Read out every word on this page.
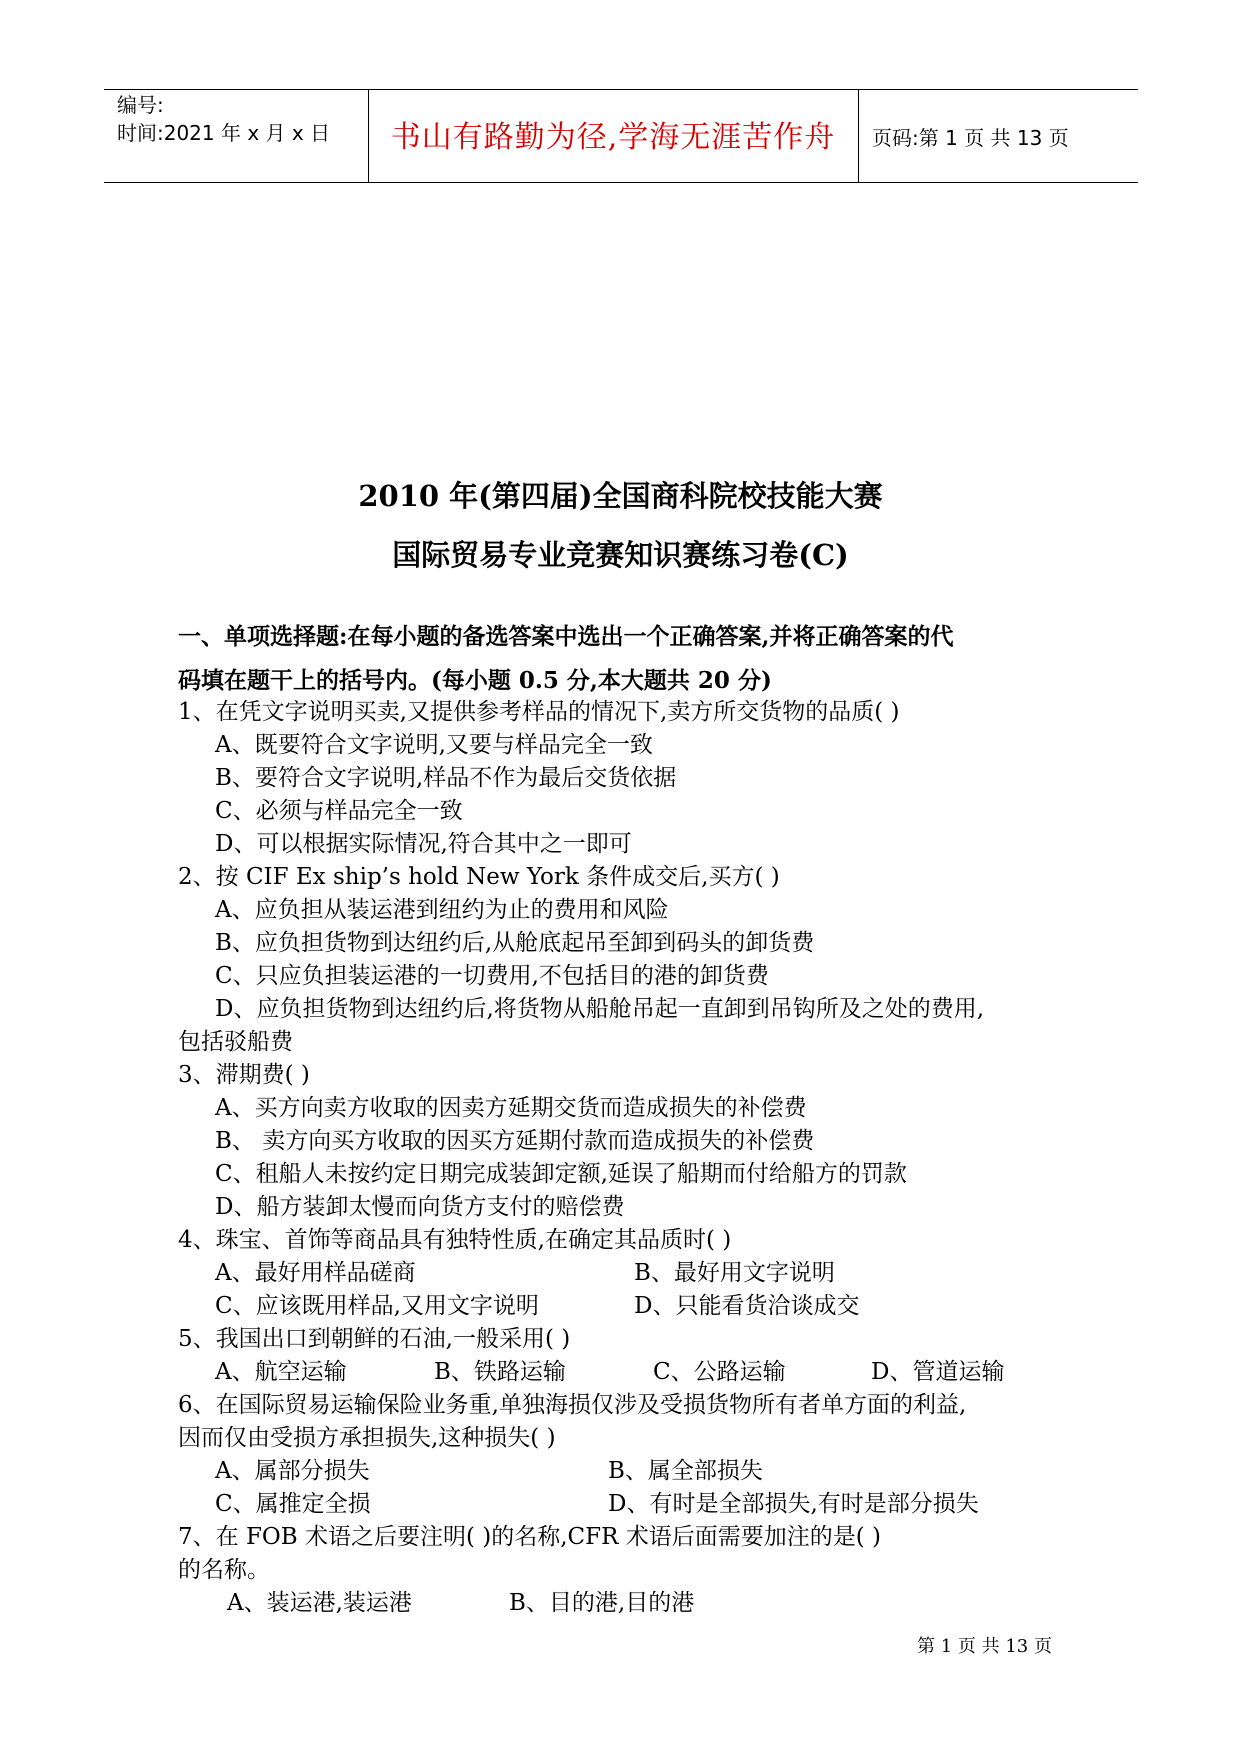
编号:
时间:2021 年 x 月 x 日	书山有路勤为径,学海无涯苦作舟	页码:第 1 页 共 13 页
2010 年(第四届)全国商科院校技能大赛
国际贸易专业竞赛知识赛练习卷(C)
一、单项选择题:在每小题的备选答案中选出一个正确答案,并将正确答案的代
码填在题干上的括号内。(每小题 0.5 分,本大题共 20 分)
1、在凭文字说明买卖,又提供参考样品的情况下,卖方所交货物的品质( )
A、既要符合文字说明,又要与样品完全一致
B、要符合文字说明,样品不作为最后交货依据
C、必须与样品完全一致
D、可以根据实际情况,符合其中之一即可
2、按 CIF Ex ship’s hold New York 条件成交后,买方( )
A、应负担从装运港到纽约为止的费用和风险
B、应负担货物到达纽约后,从舱底起吊至卸到码头的卸货费
C、只应负担装运港的一切费用,不包括目的港的卸货费
D、应负担货物到达纽约后,将货物从船舱吊起一直卸到吊钩所及之处的费用,
包括驳船费
3、滞期费( )
A、买方向卖方收取的因卖方延期交货而造成损失的补偿费
B、 卖方向买方收取的因买方延期付款而造成损失的补偿费
C、租船人未按约定日期完成装卸定额,延误了船期而付给船方的罚款
D、船方装卸太慢而向货方支付的赔偿费
4、珠宝、首饰等商品具有独特性质,在确定其品质时( )
A、最好用样品磋商	B、最好用文字说明
C、应该既用样品,又用文字说明	D、只能看货洽谈成交
5、我国出口到朝鲜的石油,一般采用( )
A、航空运输	B、铁路运输	C、公路运输	D、管道运输
6、在国际贸易运输保险业务重,单独海损仅涉及受损货物所有者单方面的利益,
因而仅由受损方承担损失,这种损失( )
A、属部分损失	B、属全部损失
C、属推定全损	D、有时是全部损失,有时是部分损失
7、在 FOB 术语之后要注明( )的名称,CFR 术语后面需要加注的是( )
的名称。
A、装运港,装运港	B、目的港,目的港
第 1 页 共 13 页
